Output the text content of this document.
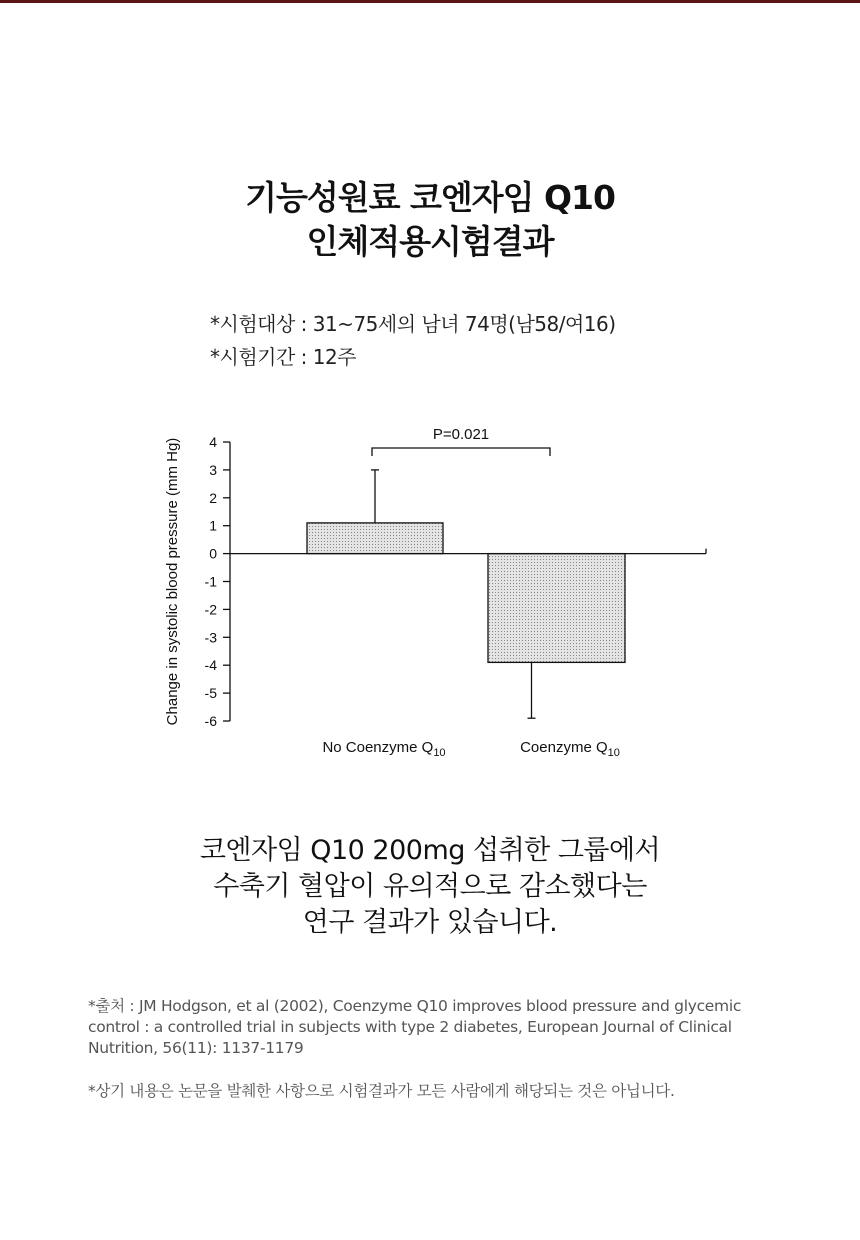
기능성원료 코엔자임 Q10
인체적용시험결과
*시험대상 : 31~75세의 남녀 74명(남58/여16)
*시험기간 : 12주
Change in systolic blood pressure (mm Hg) 4
3
2
1
0
-1
-2
-3
-4
-5
-6
P=0.021
No Coenzyme $Q_{10}$	Coenzyme $Q_{10}$
코엔자임 Q10 200mg 섭취한 그룹에서
수축기 혈압이 유의적으로 감소했다는
연구 결과가 있습니다.
*출처 : JM Hodgson, et al (2002), Coenzyme Q10 improves blood pressure and glycemic control : a controlled trial in subjects with type 2 diabetes, European Journal of Clinical Nutrition, 56(11): 1137-1179
*상기 내용은 논문을 발췌한 사항으로 시험결과가 모든 사람에게 해당되는 것은 아닙니다.
